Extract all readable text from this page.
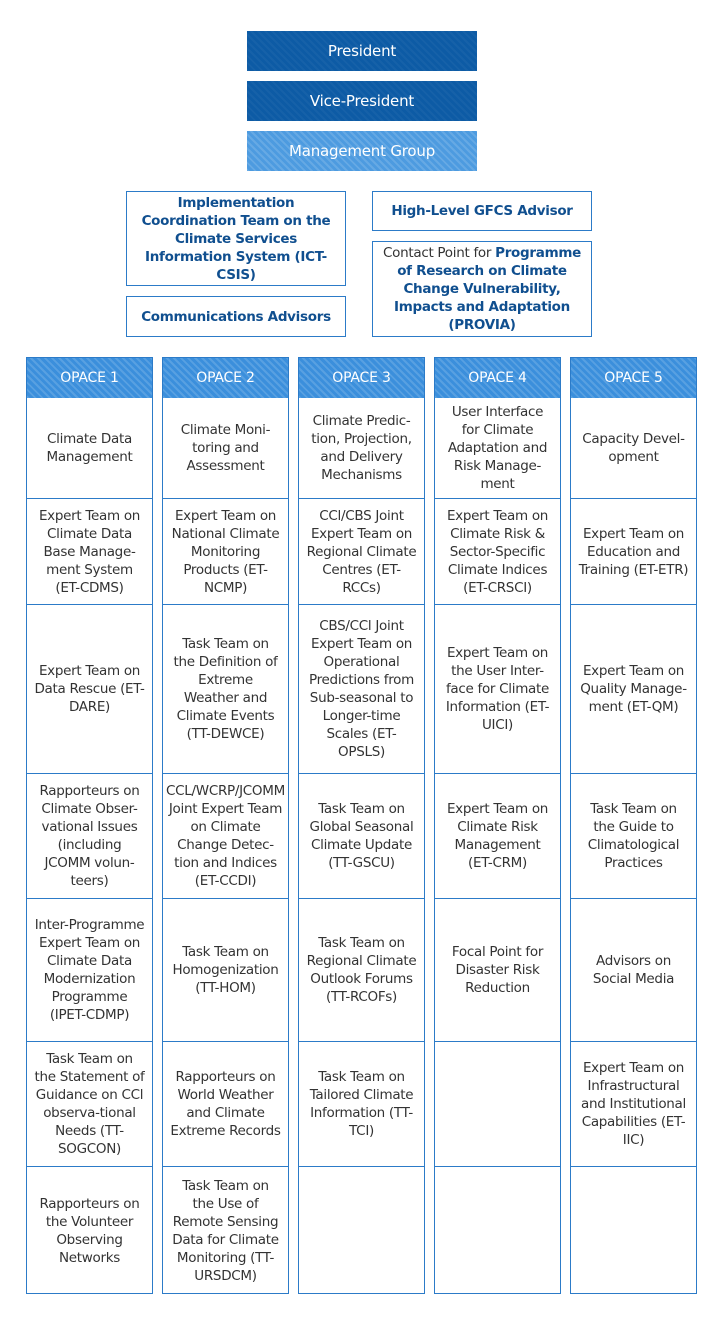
President
Vice-President
Management Group
Implementation Coordination Team on the Climate Services Information System (ICT-CSIS)
Communications Advisors
High-Level GFCS Advisor
Contact Point for Programme of Research on Climate Change Vulnerability, Impacts and Adaptation (PROVIA)
OPACE 1
Climate Data Management
Expert Team on Climate Data Base Manage-ment System (ET-CDMS)
Expert Team on Data Rescue (ET-DARE)
Rapporteurs on Climate Obser-vational Issues (including JCOMM volun-teers)
Inter-Programme Expert Team on Climate Data Modernization Programme (IPET-CDMP)
Task Team on the Statement of Guidance on CCl observa-tional Needs (TT-SOGCON)
Rapporteurs on the Volunteer Observing Networks
OPACE 2
Climate Moni-toring and Assessment
Expert Team on National Climate Monitoring Products (ET-NCMP)
Task Team on the Definition of Extreme Weather and Climate Events (TT-DEWCE)
CCL/WCRP/JCOMM Joint Expert Team on Climate Change Detec-tion and Indices (ET-CCDI)
Task Team on Homogenization (TT-HOM)
Rapporteurs on World Weather and Climate Extreme Records
Task Team on the Use of Remote Sensing Data for Climate Monitoring (TT-URSDCM)
OPACE 3
Climate Predic-tion, Projection, and Delivery Mechanisms
CCl/CBS Joint Expert Team on Regional Climate Centres (ET-RCCs)
CBS/CCl Joint Expert Team on Operational Predictions from Sub-seasonal to Longer-time Scales (ET-OPSLS)
Task Team on Global Seasonal Climate Update (TT-GSCU)
Task Team on Regional Climate Outlook Forums (TT-RCOFs)
Task Team on Tailored Climate Information (TT-TCI)
OPACE 4
User Interface for Climate Adaptation and Risk Manage-ment
Expert Team on Climate Risk & Sector-Specific Climate Indices (ET-CRSCI)
Expert Team on the User Inter-face for Climate Information (ET-UICI)
Expert Team on Climate Risk Management (ET-CRM)
Focal Point for Disaster Risk Reduction
OPACE 5
Capacity Devel-opment
Expert Team on Education and Training (ET-ETR)
Expert Team on Quality Manage-ment (ET-QM)
Task Team on the Guide to Climatological Practices
Advisors on Social Media
Expert Team on Infrastructural and Institutional Capabilities (ET-IIC)
